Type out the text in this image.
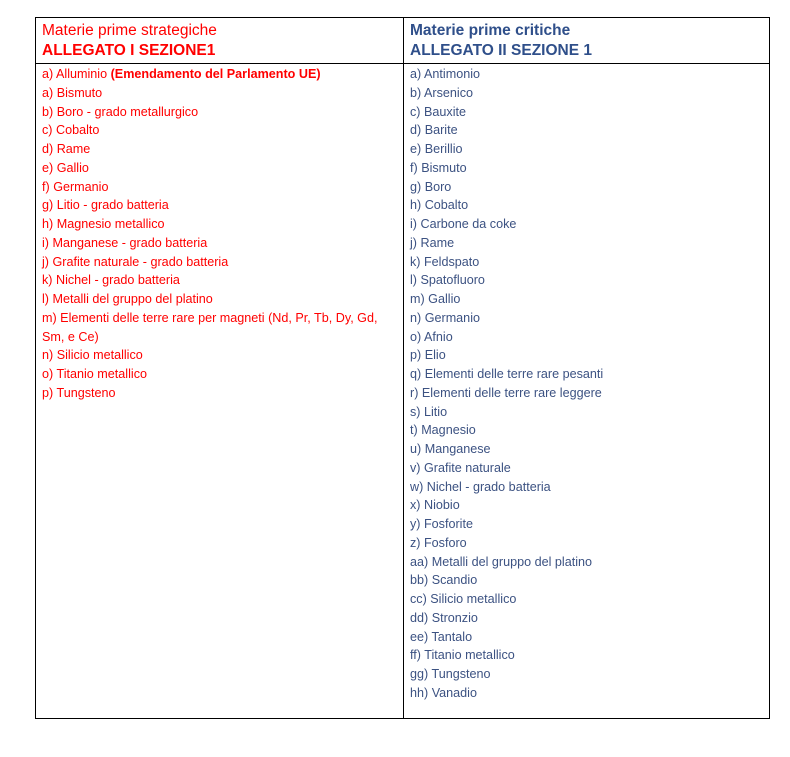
Materie prime strategiche
ALLEGATO I SEZIONE1
Materie prime critiche
ALLEGATO II SEZIONE 1
a) Alluminio (Emendamento del Parlamento UE)
a) Bismuto
b) Boro - grado metallurgico
c) Cobalto
d) Rame
e) Gallio
f) Germanio
g) Litio - grado batteria
h) Magnesio metallico
i) Manganese - grado batteria
j) Grafite naturale - grado batteria
k) Nichel - grado batteria
l) Metalli del gruppo del platino
m) Elementi delle terre rare per magneti (Nd, Pr, Tb, Dy, Gd, Sm, e Ce)
n) Silicio metallico
o) Titanio metallico
p) Tungsteno
a) Antimonio
b) Arsenico
c) Bauxite
d) Barite
e) Berillio
f) Bismuto
g) Boro
h) Cobalto
i) Carbone da coke
j) Rame
k) Feldspato
l) Spatofluoro
m) Gallio
n) Germanio
o) Afnio
p) Elio
q) Elementi delle terre rare pesanti
r) Elementi delle terre rare leggere
s) Litio
t) Magnesio
u) Manganese
v) Grafite naturale
w) Nichel - grado batteria
x) Niobio
y) Fosforite
z) Fosforo
aa) Metalli del gruppo del platino
bb) Scandio
cc) Silicio metallico
dd) Stronzio
ee) Tantalo
ff) Titanio metallico
gg) Tungsteno
hh) Vanadio
